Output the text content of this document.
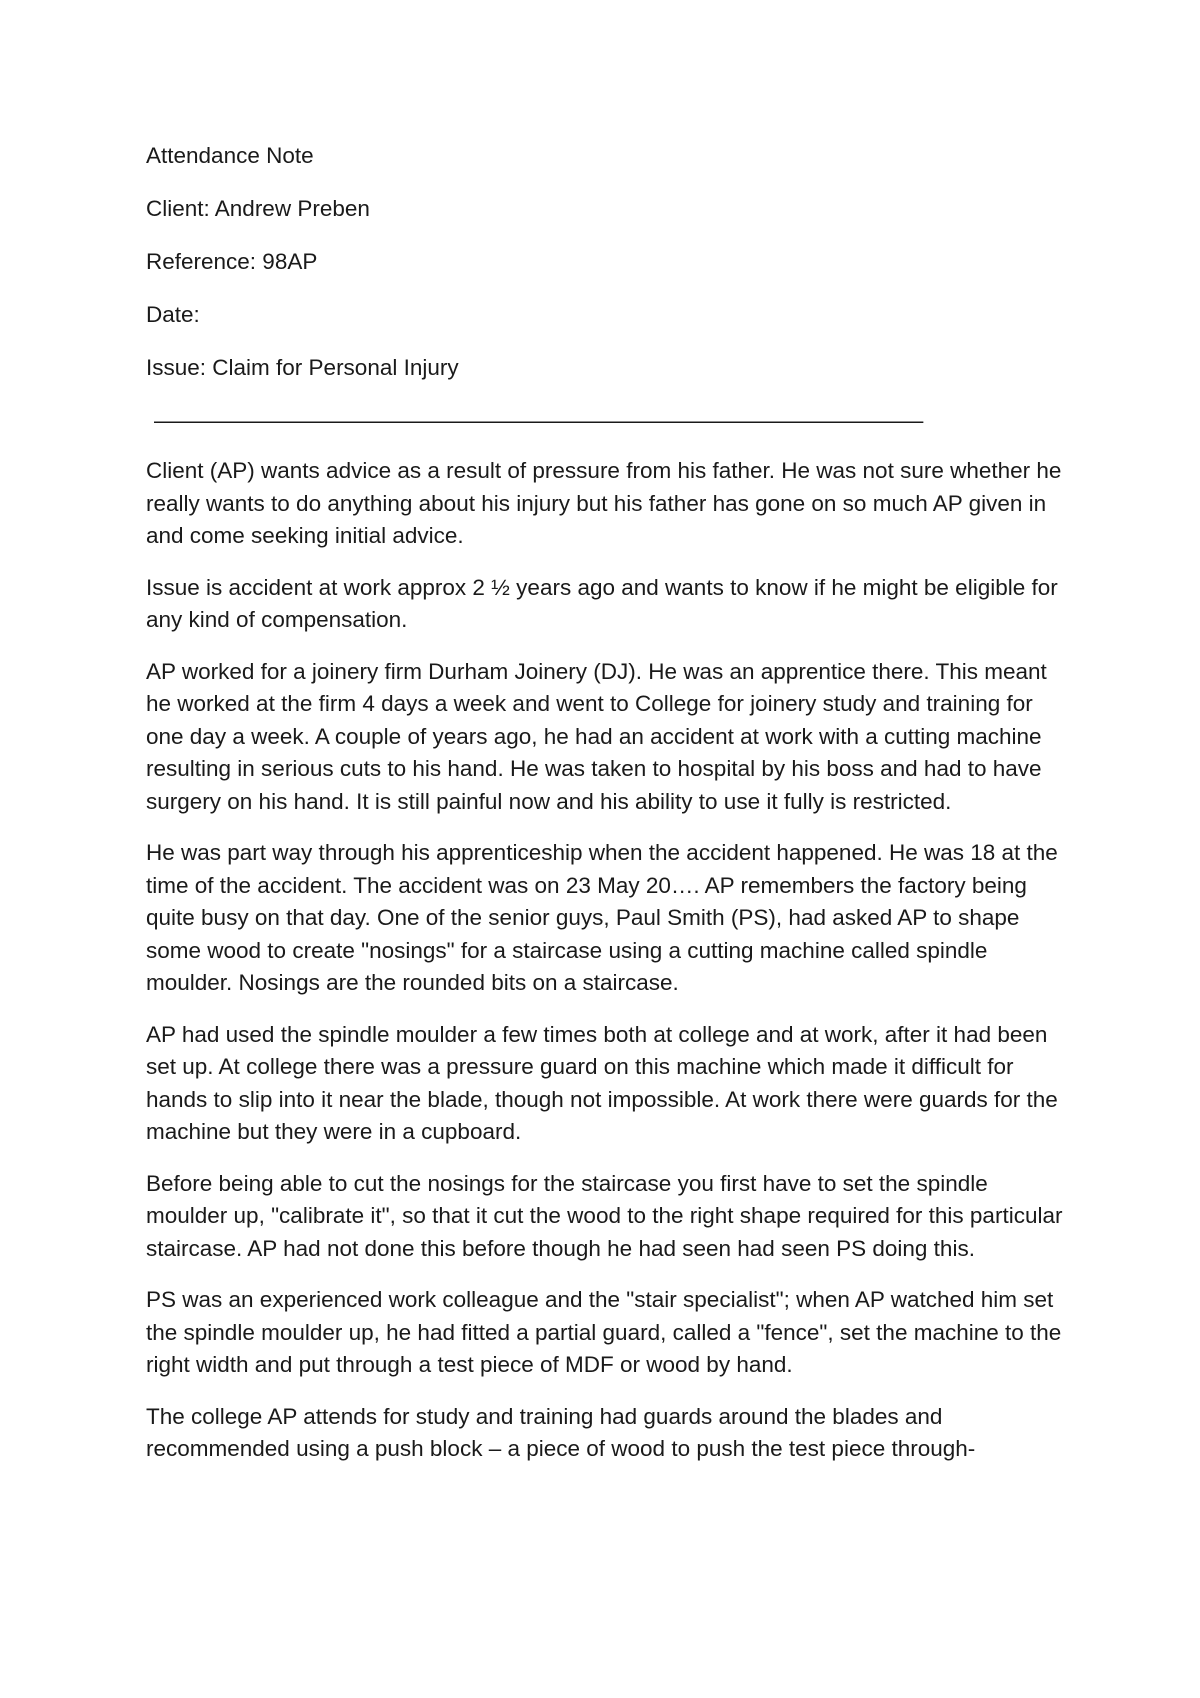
Attendance Note
Client: Andrew Preben
Reference: 98AP
Date:
Issue: Claim for Personal Injury
––––––––––––––––––––––––––––––––––––––––––––––––––––––––––––––––

Client (AP) wants advice as a result of pressure from his father. He was not sure whether he really wants to do anything about his injury but his father has gone on so much AP given in and come seeking initial advice.

Issue is accident at work approx 2 ½ years ago and wants to know if he might be eligible for any kind of compensation.

AP worked for a joinery firm Durham Joinery (DJ). He was an apprentice there. This meant he worked at the firm 4 days a week and went to College for joinery study and training for one day a week. A couple of years ago, he had an accident at work with a cutting machine resulting in serious cuts to his hand. He was taken to hospital by his boss and had to have surgery on his hand. It is still painful now and his ability to use it fully is restricted.

He was part way through his apprenticeship when the accident happened. He was 18 at the time of the accident. The accident was on 23 May 20…. AP remembers the factory being quite busy on that day. One of the senior guys, Paul Smith (PS), had asked AP to shape some wood to create "nosings" for a staircase using a cutting machine called spindle moulder. Nosings are the rounded bits on a staircase.

AP had used the spindle moulder a few times both at college and at work, after it had been set up. At college there was a pressure guard on this machine which made it difficult for hands to slip into it near the blade, though not impossible. At work there were guards for the machine but they were in a cupboard.

Before being able to cut the nosings for the staircase you first have to set the spindle moulder up, "calibrate it", so that it cut the wood to the right shape required for this particular staircase. AP had not done this before though he had seen had seen PS doing this.

PS was an experienced work colleague and the "stair specialist"; when AP watched him set the spindle moulder up, he had fitted a partial guard, called a "fence", set the machine to the right width and put through a test piece of MDF or wood by hand.

The college AP attends for study and training had guards around the blades and recommended using a push block – a piece of wood to push the test piece through-
